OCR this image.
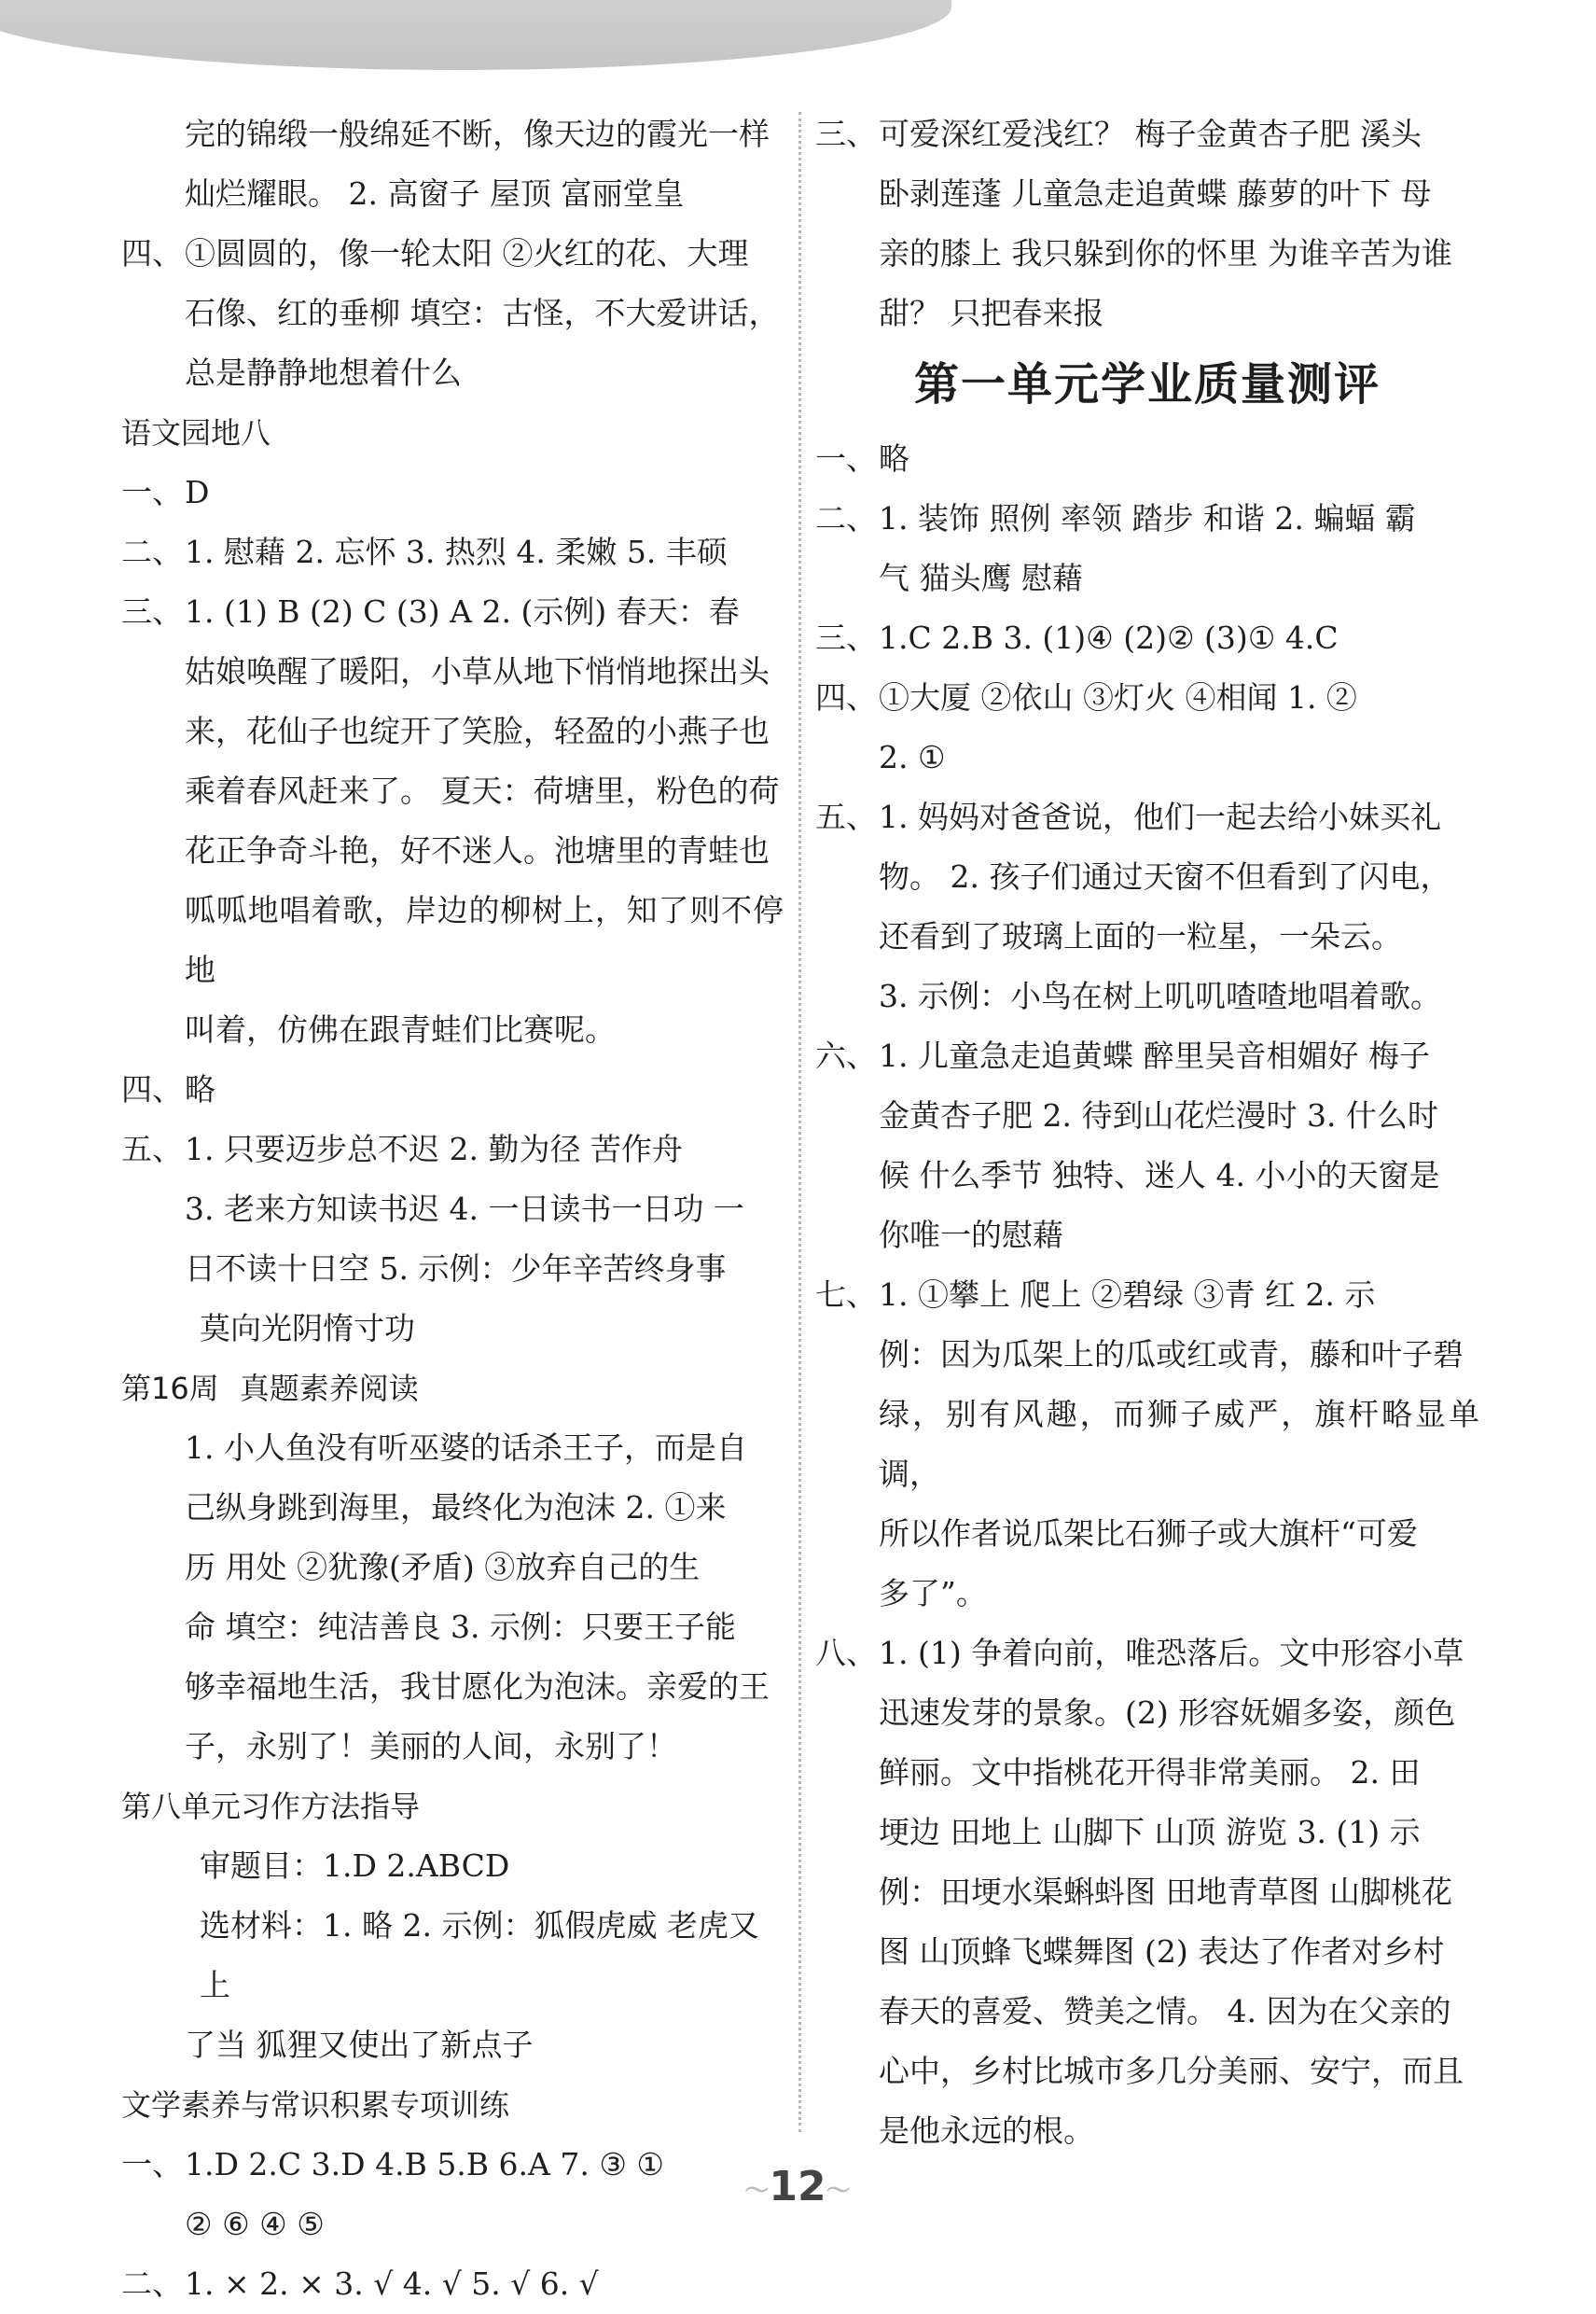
完的锦缎一般绵延不断，像天边的霞光一样

灿烂耀眼。 2. 高窗子 屋顶 富丽堂皇

四、 ①圆圆的，像一轮太阳 ②火红的花、大理
石像、红的垂柳 填空：古怪，不大爱讲话，
总是静静地想着什么

语文园地八

一、 D
二、 1. 慰藉 2. 忘怀 3. 热烈 4. 柔嫩 5. 丰硕
三、 1. (1) B (2) C (3) A 2. (示例) 春天：春
姑娘唤醒了暖阳，小草从地下悄悄地探出头
来，花仙子也绽开了笑脸，轻盈的小燕子也
乘着春风赶来了。 夏天：荷塘里，粉色的荷
花正争奇斗艳，好不迷人。池塘里的青蛙也
呱呱地唱着歌，岸边的柳树上，知了则不停地
叫着，仿佛在跟青蛙们比赛呢。
四、 略
五、 1. 只要迈步总不迟 2. 勤为径 苦作舟
3. 老来方知读书迟 4. 一日读书一日功 一
日不读十日空 5. 示例：少年辛苦终身事
莫向光阴惰寸功

第16周 真题素养阅读

1. 小人鱼没有听巫婆的话杀王子，而是自
己纵身跳到海里，最终化为泡沫 2. ①来
历 用处 ②犹豫(矛盾) ③放弃自己的生
命 填空：纯洁善良 3. 示例：只要王子能
够幸福地生活，我甘愿化为泡沫。亲爱的王
子，永别了！美丽的人间，永别了！

第八单元习作方法指导

审题目：1.D 2.ABCD
选材料：1. 略 2. 示例：狐假虎威 老虎又上
了当 狐狸又使出了新点子

文学素养与常识积累专项训练

一、 1.D 2.C 3.D 4.B 5.B 6.A 7. ③ ①
② ⑥ ④ ⑤
二、 1. × 2. × 3. √ 4. √ 5. √ 6. √
三、 可爱深红爱浅红？ 梅子金黄杏子肥 溪头
卧剥莲蓬 儿童急走追黄蝶 藤萝的叶下 母
亲的膝上 我只躲到你的怀里 为谁辛苦为谁
甜？ 只把春来报
第一单元学业质量测评
一、 略
二、 1. 装饰 照例 率领 踏步 和谐 2. 蝙蝠 霸
气 猫头鹰 慰藉
三、 1.C 2.B 3. (1)④ (2)② (3)① 4.C
四、 ①大厦 ②依山 ③灯火 ④相闻 1. ②
2. ①
五、 1. 妈妈对爸爸说，他们一起去给小妹买礼
物。 2. 孩子们通过天窗不但看到了闪电，
还看到了玻璃上面的一粒星，一朵云。
3. 示例：小鸟在树上叽叽喳喳地唱着歌。
六、 1. 儿童急走追黄蝶 醉里吴音相媚好 梅子
金黄杏子肥 2. 待到山花烂漫时 3. 什么时
候 什么季节 独特、迷人 4. 小小的天窗是
你唯一的慰藉
七、 1. ①攀上 爬上 ②碧绿 ③青 红 2. 示
例：因为瓜架上的瓜或红或青，藤和叶子碧
绿，别有风趣，而狮子威严，旗杆略显单调，
所以作者说瓜架比石狮子或大旗杆“可爱
多了”。
八、 1. (1) 争着向前，唯恐落后。文中形容小草
迅速发芽的景象。(2) 形容妩媚多姿，颜色
鲜丽。文中指桃花开得非常美丽。 2. 田
埂边 田地上 山脚下 山顶 游览 3. (1) 示
例：田埂水渠蝌蚪图 田地青草图 山脚桃花
图 山顶蜂飞蝶舞图 (2) 表达了作者对乡村
春天的喜爱、赞美之情。 4. 因为在父亲的
心中，乡村比城市多几分美丽、安宁，而且
是他永远的根。
〜12〜
